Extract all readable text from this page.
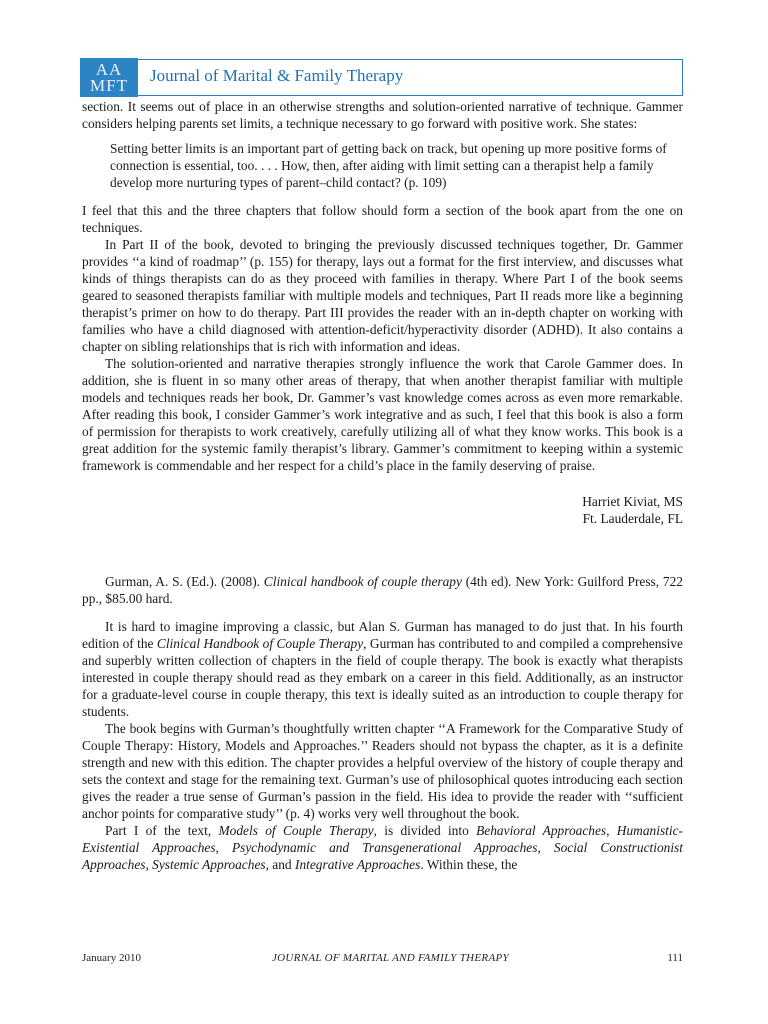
AA
MFT
Journal of Marital & Family Therapy

section. It seems out of place in an otherwise strengths and solution-oriented narrative of technique. Gammer considers helping parents set limits, a technique necessary to go forward with positive work. She states:

Setting better limits is an important part of getting back on track, but opening up more positive forms of connection is essential, too. . . . How, then, after aiding with limit setting can a therapist help a family develop more nurturing types of parent–child contact? (p. 109)

I feel that this and the three chapters that follow should form a section of the book apart from the one on techniques.

In Part II of the book, devoted to bringing the previously discussed techniques together, Dr. Gammer provides ‘‘a kind of roadmap’’ (p. 155) for therapy, lays out a format for the first interview, and discusses what kinds of things therapists can do as they proceed with families in therapy. Where Part I of the book seems geared to seasoned therapists familiar with multiple models and techniques, Part II reads more like a beginning therapist’s primer on how to do therapy. Part III provides the reader with an in-depth chapter on working with families who have a child diagnosed with attention-deficit/hyperactivity disorder (ADHD). It also contains a chapter on sibling relationships that is rich with information and ideas.

The solution-oriented and narrative therapies strongly influence the work that Carole Gammer does. In addition, she is fluent in so many other areas of therapy, that when another therapist familiar with multiple models and techniques reads her book, Dr. Gammer’s vast knowledge comes across as even more remarkable. After reading this book, I consider Gammer’s work integrative and as such, I feel that this book is also a form of permission for therapists to work creatively, carefully utilizing all of what they know works. This book is a great addition for the systemic family therapist’s library. Gammer’s commitment to keeping within a systemic framework is commendable and her respect for a child’s place in the family deserving of praise.

Harriet Kiviat, MS

Ft. Lauderdale, FL

Gurman, A. S. (Ed.). (2008). Clinical handbook of couple therapy (4th ed). New York: Guilford Press, 722 pp., $85.00 hard.

It is hard to imagine improving a classic, but Alan S. Gurman has managed to do just that. In his fourth edition of the Clinical Handbook of Couple Therapy, Gurman has contributed to and compiled a comprehensive and superbly written collection of chapters in the field of couple therapy. The book is exactly what therapists interested in couple therapy should read as they embark on a career in this field. Additionally, as an instructor for a graduate-level course in couple therapy, this text is ideally suited as an introduction to couple therapy for students.

The book begins with Gurman’s thoughtfully written chapter ‘‘A Framework for the Comparative Study of Couple Therapy: History, Models and Approaches.’’ Readers should not bypass the chapter, as it is a definite strength and new with this edition. The chapter provides a helpful overview of the history of couple therapy and sets the context and stage for the remaining text. Gurman’s use of philosophical quotes introducing each section gives the reader a true sense of Gurman’s passion in the field. His idea to provide the reader with ‘‘sufficient anchor points for comparative study’’ (p. 4) works very well throughout the book.

Part I of the text, Models of Couple Therapy, is divided into Behavioral Approaches, Humanistic-Existential Approaches, Psychodynamic and Transgenerational Approaches, Social Constructionist Approaches, Systemic Approaches, and Integrative Approaches. Within these, the

January 2010	JOURNAL OF MARITAL AND FAMILY THERAPY	111
